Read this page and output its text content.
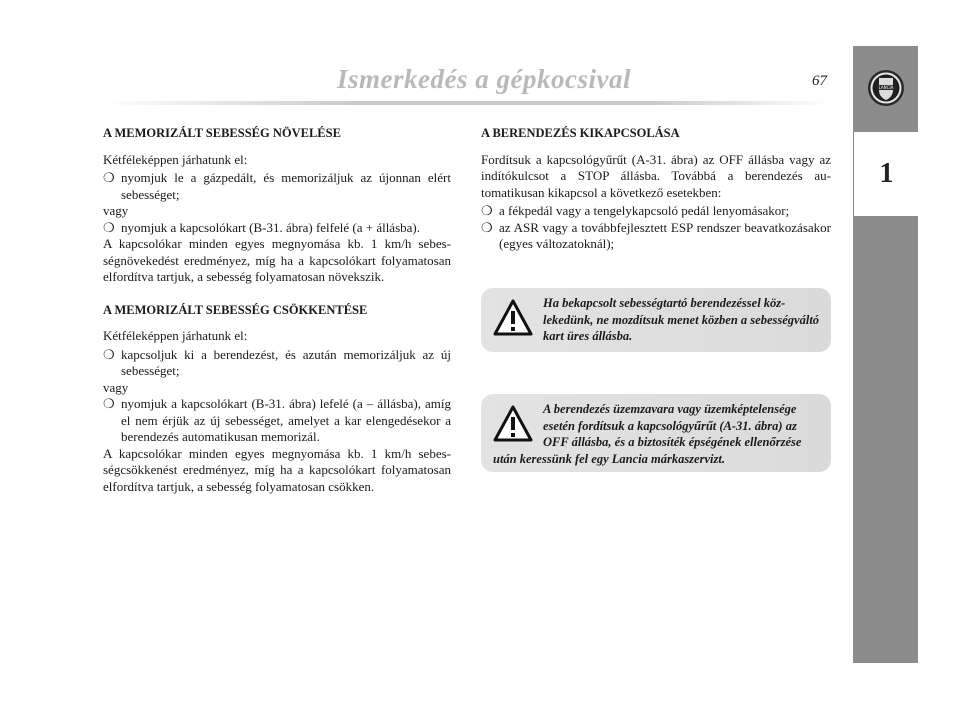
Ismerkedés a gépkocsival	67	LANCIA
1
A MEMORIZÁLT SEBESSÉG NÖVELÉSE

Kétféleképpen járhatunk el:

❍ nyomjuk le a gázpedált, és memorizáljuk az újonnan elért sebességet;

vagy

❍ nyomjuk a kapcsolókart (B-31. ábra) felfelé (a + állásba).

A kapcsolókar minden egyes megnyomása kb. 1 km/h sebességnövekedést eredményez, míg ha a kapcsolókart folyamatosan elfordítva tartjuk, a sebesség folyamatosan növekszik.

A MEMORIZÁLT SEBESSÉG CSÖKKENTÉSE

Kétféleképpen járhatunk el:

❍ kapcsoljuk ki a berendezést, és azután memorizáljuk az új sebességet;

vagy

❍ nyomjuk a kapcsolókart (B-31. ábra) lefelé (a – állásba), amíg el nem érjük az új sebességet, amelyet a kar elengedésekor a berendezés automatikusan memorizál.

A kapcsolókar minden egyes megnyomása kb. 1 km/h sebességcsökkenést eredményez, míg ha a kapcsolókart folyamatosan elfordítva tartjuk, a sebesség folyamatosan csökken.

A BERENDEZÉS KIKAPCSOLÁSA

Fordítsuk a kapcsológyűrűt (A-31. ábra) az OFF állásba vagy az indítókulcsot a STOP állásba. Továbbá a berendezés automatikusan kikapcsol a következő esetekben:

❍ a fékpedál vagy a tengelykapcsoló pedál lenyomásakor;
❍ az ASR vagy a továbbfejlesztett ESP rendszer beavatkozásakor (egyes változatoknál);
Ha bekapcsolt sebességtartó berendezéssel közlekedünk, ne mozdítsuk menet közben a sebességváltó kart üres állásba.
A berendezés üzemzavara vagy üzemképtelensége esetén fordítsuk a kapcsológyűrűt (A-31. ábra) az OFF állásba, és a biztosíték épségének ellenőrzése után keressünk fel egy Lancia márkaszervizt.
